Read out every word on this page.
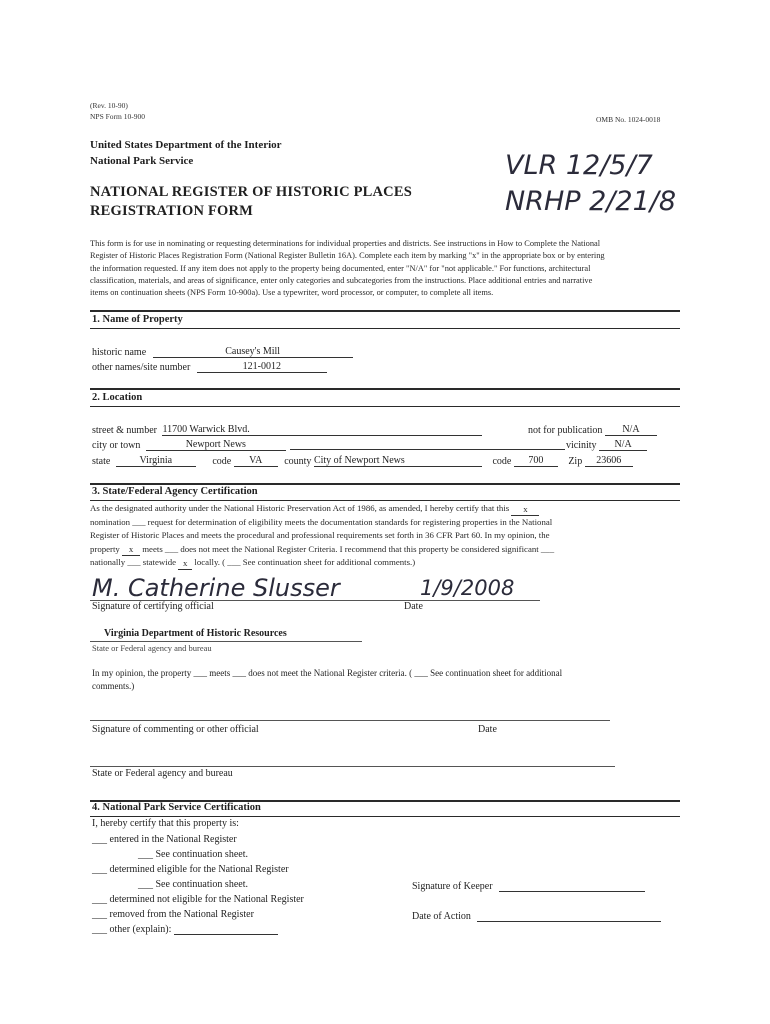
(Rev. 10-90)
NPS Form 10-900	OMB No. 1024-0018
United States Department of the Interior
National Park Service
NATIONAL REGISTER OF HISTORIC PLACES
REGISTRATION FORM
VLR 12/5/7
NRHP 2/21/8
This form is for use in nominating or requesting determinations for individual properties and districts. See instructions in How to Complete the National
Register of Historic Places Registration Form (National Register Bulletin 16A). Complete each item by marking "x" in the appropriate box or by entering
the information requested. If any item does not apply to the property being documented, enter "N/A" for "not applicable." For functions, architectural
classification, materials, and areas of significance, enter only categories and subcategories from the instructions. Place additional entries and narrative
items on continuation sheets (NPS Form 10-900a). Use a typewriter, word processor, or computer, to complete all items.
1. Name of Property
historic name	Causey's Mill
other names/site number	121-0012
2. Location
street & number 11700 Warwick Blvd.	not for publication N/A
city or town	Newport News	vicinity N/A
state	Virginia	code VA county City of Newport News	code 700	Zip 23606
3. State/Federal Agency Certification
As the designated authority under the National Historic Preservation Act of 1986, as amended, I hereby certify that this x
nomination ___ request for determination of eligibility meets the documentation standards for registering properties in the National
Register of Historic Places and meets the procedural and professional requirements set forth in 36 CFR Part 60. In my opinion, the
property x meets ___ does not meet the National Register Criteria. I recommend that this property be considered significant ___
nationally ___ statewide x locally. ( ___ See continuation sheet for additional comments.)
M. Catherine Slusser	1/9/2008
Signature of certifying official	Date
Virginia Department of Historic Resources
State or Federal agency and bureau
In my opinion, the property ___ meets ___ does not meet the National Register criteria. ( ___ See continuation sheet for additional
comments.)
Signature of commenting or other official	Date
State or Federal agency and bureau
4. National Park Service Certification
I, hereby certify that this property is:
___ entered in the National Register
___ See continuation sheet.
___ determined eligible for the National Register
___ See continuation sheet.
___ determined not eligible for the National Register
___ removed from the National Register
___ other (explain):
Signature of Keeper
Date of Action
